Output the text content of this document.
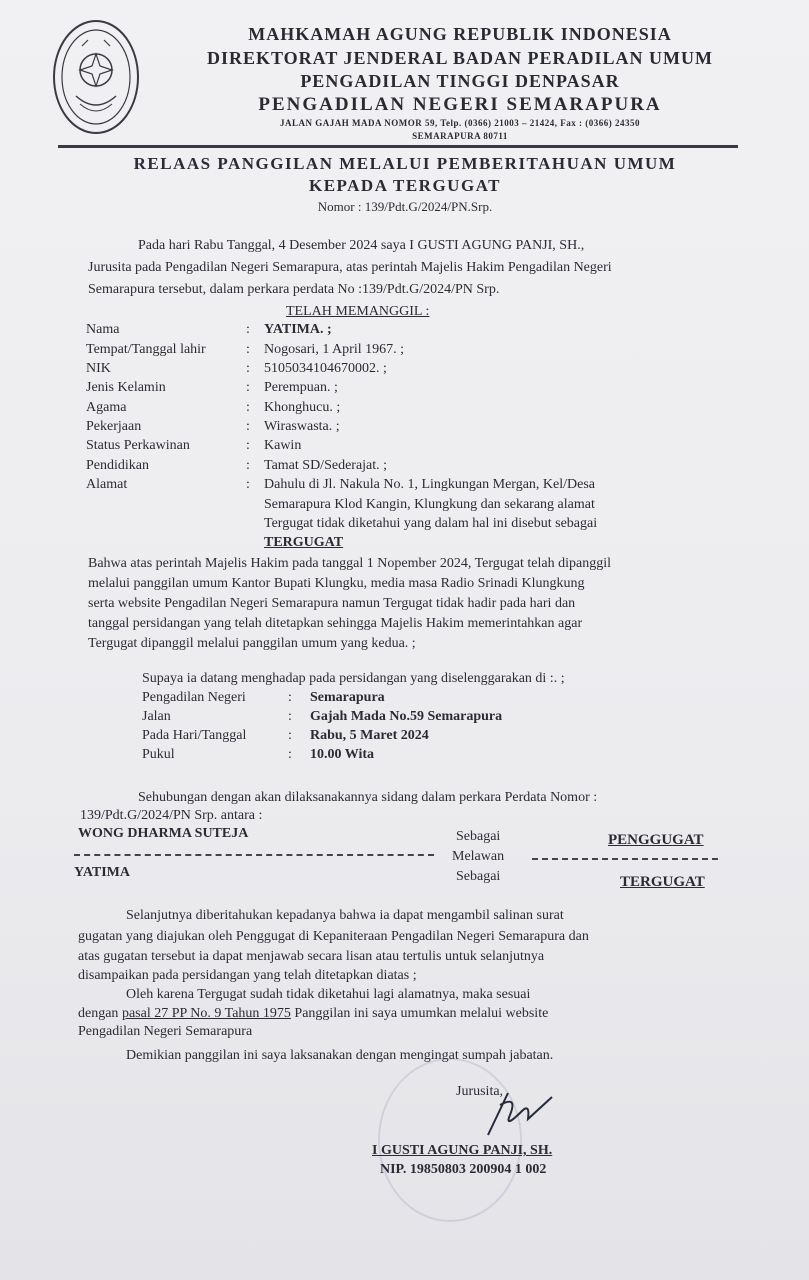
MAHKAMAH AGUNG REPUBLIK INDONESIA
DIREKTORAT JENDERAL BADAN PERADILAN UMUM
PENGADILAN TINGGI DENPASAR
PENGADILAN NEGERI SEMARAPURA
JALAN GAJAH MADA NOMOR 59, Telp. (0366) 21003 – 21424, Fax : (0366) 24350
SEMARAPURA 80711
RELAAS PANGGILAN MELALUI PEMBERITAHUAN UMUM
KEPADA TERGUGAT
Nomor : 139/Pdt.G/2024/PN.Srp.
Pada hari Rabu Tanggal, 4 Desember 2024 saya I GUSTI AGUNG PANJI, SH.,
Jurusita pada Pengadilan Negeri Semarapura, atas perintah Majelis Hakim Pengadilan Negeri
Semarapura tersebut, dalam perkara perdata No :139/Pdt.G/2024/PN Srp.
TELAH MEMANGGIL :
Nama	: YATIMA. ;
Tempat/Tanggal lahir	: Nogosari, 1 April 1967. ;
NIK	: 5105034104670002. ;
Jenis Kelamin	: Perempuan. ;
Agama	: Khonghucu. ;
Pekerjaan	: Wiraswasta. ;
Status Perkawinan	: Kawin
Pendidikan	: Tamat SD/Sederajat. ;
Alamat	: Dahulu di Jl. Nakula No. 1, Lingkungan Mergan, Kel/Desa
Semarapura Klod Kangin, Klungkung dan sekarang alamat
Tergugat tidak diketahui yang dalam hal ini disebut sebagai
TERGUGAT
Bahwa atas perintah Majelis Hakim pada tanggal 1 Nopember 2024, Tergugat telah dipanggil
melalui panggilan umum Kantor Bupati Klungku, media masa Radio Srinadi Klungkung
serta website Pengadilan Negeri Semarapura namun Tergugat tidak hadir pada hari dan
tanggal persidangan yang telah ditetapkan sehingga Majelis Hakim memerintahkan agar
Tergugat dipanggil melalui panggilan umum yang kedua. ;
Supaya ia datang menghadap pada persidangan yang diselenggarakan di :. ;
Pengadilan Negeri	: Semarapura
Jalan	: Gajah Mada No.59 Semarapura
Pada Hari/Tanggal	: Rabu, 5 Maret 2024
Pukul	: 10.00 Wita
Sehubungan dengan akan dilaksanakannya sidang dalam perkara Perdata Nomor :
139/Pdt.G/2024/PN Srp. antara :
WONG DHARMA SUTEJA	Sebagai	PENGGUGAT
Melawan
YATIMA	Sebagai	TERGUGAT
Selanjutnya diberitahukan kepadanya bahwa ia dapat mengambil salinan surat
gugatan yang diajukan oleh Penggugat di Kepaniteraan Pengadilan Negeri Semarapura dan
atas gugatan tersebut ia dapat menjawab secara lisan atau tertulis untuk selanjutnya
disampaikan pada persidangan yang telah ditetapkan diatas ;
Oleh karena Tergugat sudah tidak diketahui lagi alamatnya, maka sesuai
dengan pasal 27 PP No. 9 Tahun 1975 Panggilan ini saya umumkan melalui website
Pengadilan Negeri Semarapura
Demikian panggilan ini saya laksanakan dengan mengingat sumpah jabatan.
Jurusita,
I GUSTI AGUNG PANJI, SH.
NIP. 19850803 200904 1 002
